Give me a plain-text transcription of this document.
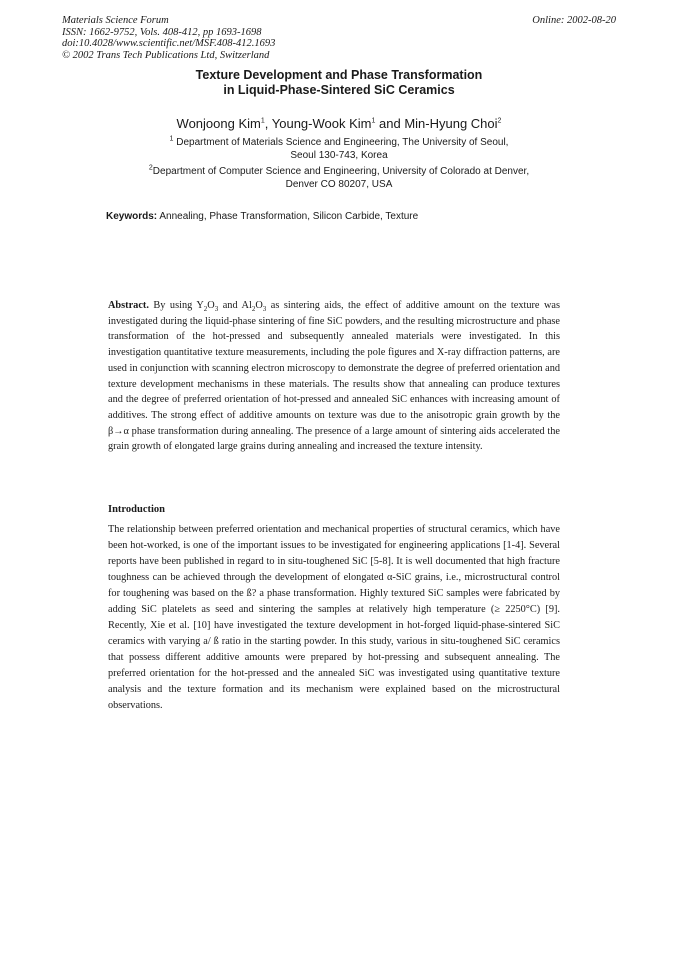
Materials Science Forum
ISSN: 1662-9752, Vols. 408-412, pp 1693-1698
doi:10.4028/www.scientific.net/MSF.408-412.1693
© 2002 Trans Tech Publications Ltd, Switzerland
Online: 2002-08-20
Texture Development and Phase Transformation
in Liquid-Phase-Sintered SiC Ceramics
Wonjoong Kim$^1$, Young-Wook Kim$^1$ and Min-Hyung Choi$^2$
$^1$ Department of Materials Science and Engineering, The University of Seoul,
Seoul 130-743, Korea
$^2$Department of Computer Science and Engineering, University of Colorado at Denver,
Denver CO 80207, USA
Keywords: Annealing, Phase Transformation, Silicon Carbide, Texture
Abstract. By using $Y_2O_3$ and $Al_2O_3$ as sintering aids, the effect of additive amount on the texture was investigated during the liquid-phase sintering of fine SiC powders, and the resulting microstructure and phase transformation of the hot-pressed and subsequently annealed materials were investigated. In this investigation quantitative texture measurements, including the pole figures and X-ray diffraction patterns, are used in conjunction with scanning electron microscopy to demonstrate the degree of preferred orientation and texture development mechanisms in these materials. The results show that annealing can produce textures and the degree of preferred orientation of hot-pressed and annealed SiC enhances with increasing amount of additives. The strong effect of additive amounts on texture was due to the anisotropic grain growth by the β→α phase transformation during annealing. The presence of a large amount of sintering aids accelerated the grain growth of elongated large grains during annealing and increased the texture intensity.
Introduction
The relationship between preferred orientation and mechanical properties of structural ceramics, which have been hot-worked, is one of the important issues to be investigated for engineering applications [1-4]. Several reports have been published in regard to in situ-toughened SiC [5-8]. It is well documented that high fracture toughness can be achieved through the development of elongated α-SiC grains, i.e., microstructural control for toughening was based on the ß? a phase transformation. Highly textured SiC samples were fabricated by adding SiC platelets as seed and sintering the samples at relatively high temperature (≥ 2250°C) [9]. Recently, Xie et al. [10] have investigated the texture development in hot-forged liquid-phase-sintered SiC ceramics with varying a/ ß ratio in the starting powder. In this study, various in situ-toughened SiC ceramics that possess different additive amounts were prepared by hot-pressing and subsequent annealing. The preferred orientation for the hot-pressed and the annealed SiC was investigated using quantitative texture analysis and the texture formation and its mechanism were explained based on the microstructural observations.
